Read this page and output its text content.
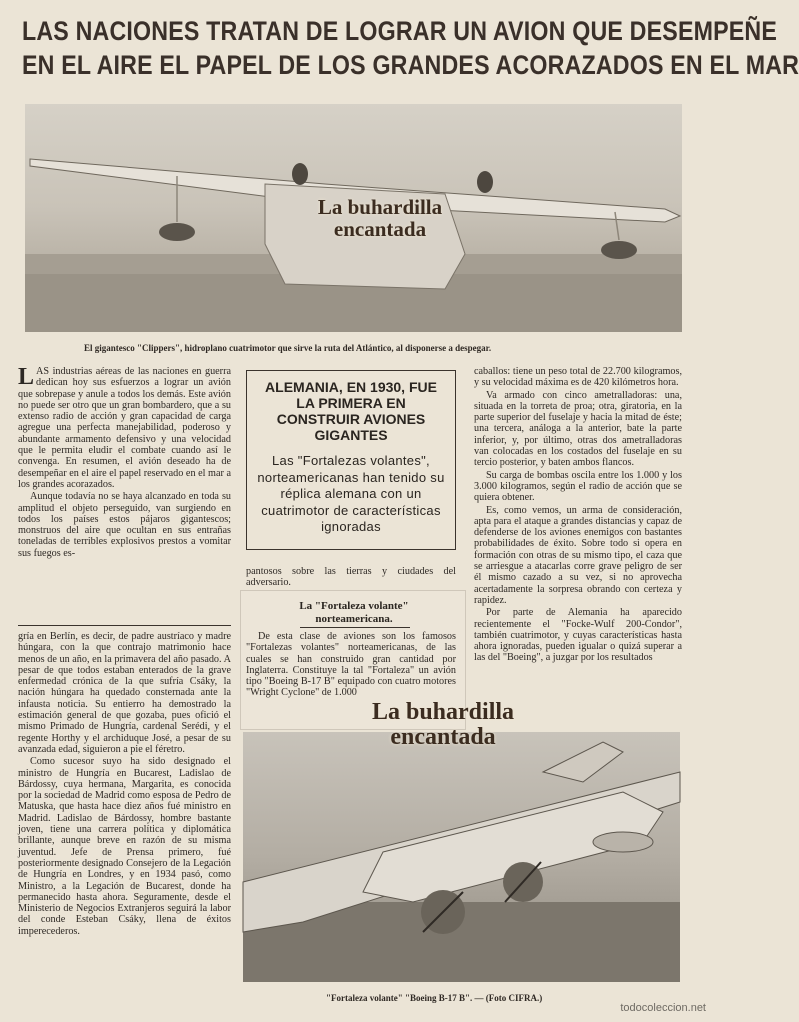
LAS NACIONES TRATAN DE LOGRAR UN AVION QUE DESEMPEÑE
EN EL AIRE EL PAPEL DE LOS GRANDES ACORAZADOS EN EL MAR
La buhardilla
encantada
El gigantesco "Clippers", hidroplano cuatrimotor que sirve la ruta del Atlántico, al disponerse a despegar.

LAS industrias aéreas de las naciones en guerra dedican hoy sus esfuerzos a lograr un avión que sobrepase y anule a todos los demás. Este avión no puede ser otro que un gran bombardero, que a su extenso radio de acción y gran capacidad de carga agregue una perfecta manejabilidad, poderoso y abundante armamento defensivo y una velocidad que le permita eludir el combate cuando así le convenga. En resumen, el avión deseado ha de desempeñar en el aire el papel reservado en el mar a los grandes acorazados.

Aunque todavía no se haya alcanzado en toda su amplitud el objeto perseguido, van surgiendo en todos los países estos pájaros gigantescos; monstruos del aire que ocultan en sus entrañas toneladas de terribles explosivos prestos a vomitar sus fuegos es-

gría en Berlín, es decir, de padre austríaco y madre húngara, con la que contrajo matrimonio hace menos de un año, en la primavera del año pasado. A pesar de que todos estaban enterados de la grave enfermedad crónica de la que sufría Csáky, la nación húngara ha quedado consternada ante la infausta noticia. Su entierro ha demostrado la estimación general de que gozaba, pues ofició el mismo Primado de Hungría, cardenal Serédi, y el regente Horthy y el archiduque José, a pesar de su avanzada edad, siguieron a pie el féretro.

Como sucesor suyo ha sido designado el ministro de Hungría en Bucarest, Ladislao de Bárdossy, cuya hermana, Margarita, es conocida por la sociedad de Madrid como esposa de Pedro de Matuska, que hasta hace diez años fué ministro en Madrid. Ladislao de Bárdossy, hombre bastante joven, tiene una carrera política y diplomática brillante, aunque breve en razón de su misma juventud. Jefe de Prensa primero, fué posteriormente designado Consejero de la Legación de Hungría en Londres, y en 1934 pasó, como Ministro, a la Legación de Bucarest, donde ha permanecido hasta ahora. Seguramente, desde el Ministerio de Negocios Extranjeros seguirá la labor del conde Esteban Csáky, llena de éxitos imperecederos.

ALEMANIA, EN 1930, FUE LA PRIMERA EN CONSTRUIR AVIONES GIGANTES
Las "Fortalezas volantes", norteamericanas han tenido su réplica alemana con un cuatrimotor de características ignoradas

pantosos sobre las tierras y ciudades del adversario.

La "Fortaleza volante"
norteamericana.

De esta clase de aviones son los famosos "Fortalezas volantes" norteamericanas, de las cuales se han construido gran cantidad por Inglaterra. Constituye la tal "Fortaleza" un avión tipo "Boeing B-17 B" equipado con cuatro motores "Wright Cyclone" de 1.000

caballos: tiene un peso total de 22.700 kilogramos, y su velocidad máxima es de 420 kilómetros hora.

Va armado con cinco ametralladoras: una, situada en la torreta de proa; otra, giratoria, en la parte superior del fuselaje y hacia la mitad de éste; una tercera, análoga a la anterior, bate la parte inferior, y, por último, otras dos ametralladoras van colocadas en los costados del fuselaje en su tercio posterior, y baten ambos flancos.

Su carga de bombas oscila entre los 1.000 y los 3.000 kilogramos, según el radio de acción que se quiera obtener.

Es, como vemos, un arma de consideración, apta para el ataque a grandes distancias y capaz de defenderse de los aviones enemigos con bastantes probabilidades de éxito. Sobre todo si opera en formación con otras de su mismo tipo, el caza que se arriesgue a atacarlas corre grave peligro de ser él mismo cazado a su vez, si no aprovecha acertadamente la sorpresa obrando con certeza y rapidez.

Por parte de Alemania ha aparecido recientemente el "Focke-Wulf 200-Condor", también cuatrimotor, y cuyas características hasta ahora ignoradas, pueden igualar o quizá superar a las del "Boeing", a juzgar por los resultados

La buhardilla
encantada
"Fortaleza volante" "Boeing B-17 B". — (Foto CIFRA.)
todocoleccion.net
